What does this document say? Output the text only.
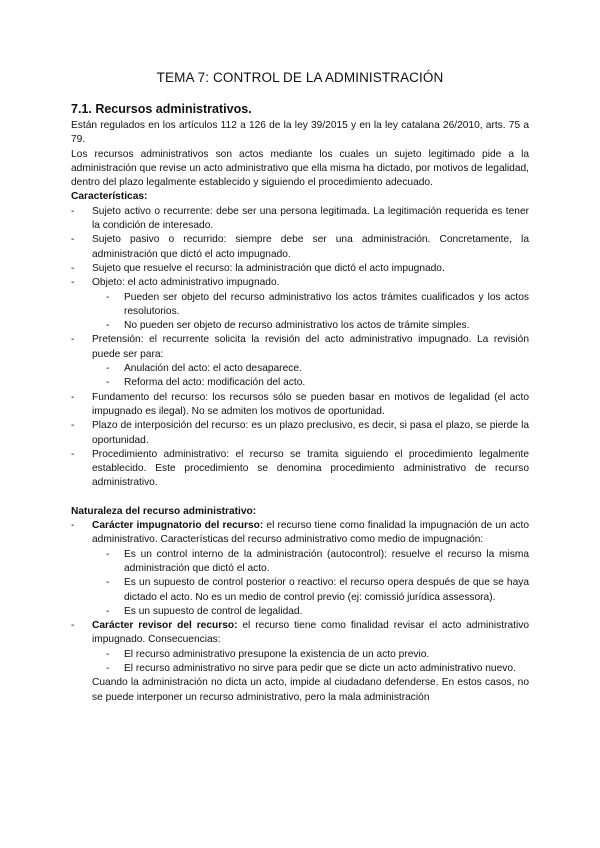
TEMA 7: CONTROL DE LA ADMINISTRACIÓN
7.1. Recursos administrativos.

Están regulados en los artículos 112 a 126 de la ley 39/2015 y en la ley catalana 26/2010, arts. 75 a 79.

Los recursos administrativos son actos mediante los cuales un sujeto legitimado pide a la administración que revise un acto administrativo que ella misma ha dictado, por motivos de legalidad, dentro del plazo legalmente establecido y siguiendo el procedimiento adecuado.

Características:

- Sujeto activo o recurrente: debe ser una persona legitimada. La legitimación requerida es tener la condición de interesado.
- Sujeto pasivo o recurrido: siempre debe ser una administración. Concretamente, la administración que dictó el acto impugnado.
- Sujeto que resuelve el recurso: la administración que dictó el acto impugnado.
- Objeto: el acto administrativo impugnado.
- Pueden ser objeto del recurso administrativo los actos trámites cualificados y los actos resolutorios.
- No pueden ser objeto de recurso administrativo los actos de trámite simples.
- Pretensión: el recurrente solicita la revisión del acto administrativo impugnado. La revisión puede ser para:
- Anulación del acto: el acto desaparece.
- Reforma del acto: modificación del acto.
- Fundamento del recurso: los recursos sólo se pueden basar en motivos de legalidad (el acto impugnado es ilegal). No se admiten los motivos de oportunidad.
- Plazo de interposición del recurso: es un plazo preclusivo, es decir, si pasa el plazo, se pierde la oportunidad.
- Procedimiento administrativo: el recurso se tramita siguiendo el procedimiento legalmente establecido. Este procedimiento se denomina procedimiento administrativo de recurso administrativo.

Naturaleza del recurso administrativo:

- Carácter impugnatorio del recurso: el recurso tiene como finalidad la impugnación de un acto administrativo. Características del recurso administrativo como medio de impugnación:
- Es un control interno de la administración (autocontrol): resuelve el recurso la misma administración que dictó el acto.
- Es un supuesto de control posterior o reactivo: el recurso opera después de que se haya dictado el acto. No es un medio de control previo (ej: comissió jurídica assessora).
- Es un supuesto de control de legalidad.
- Carácter revisor del recurso: el recurso tiene como finalidad revisar el acto administrativo impugnado. Consecuencias:
- El recurso administrativo presupone la existencia de un acto previo.
- El recurso administrativo no sirve para pedir que se dicte un acto administrativo nuevo.

Cuando la administración no dicta un acto, impide al ciudadano defenderse. En estos casos, no se puede interponer un recurso administrativo, pero la mala administración
